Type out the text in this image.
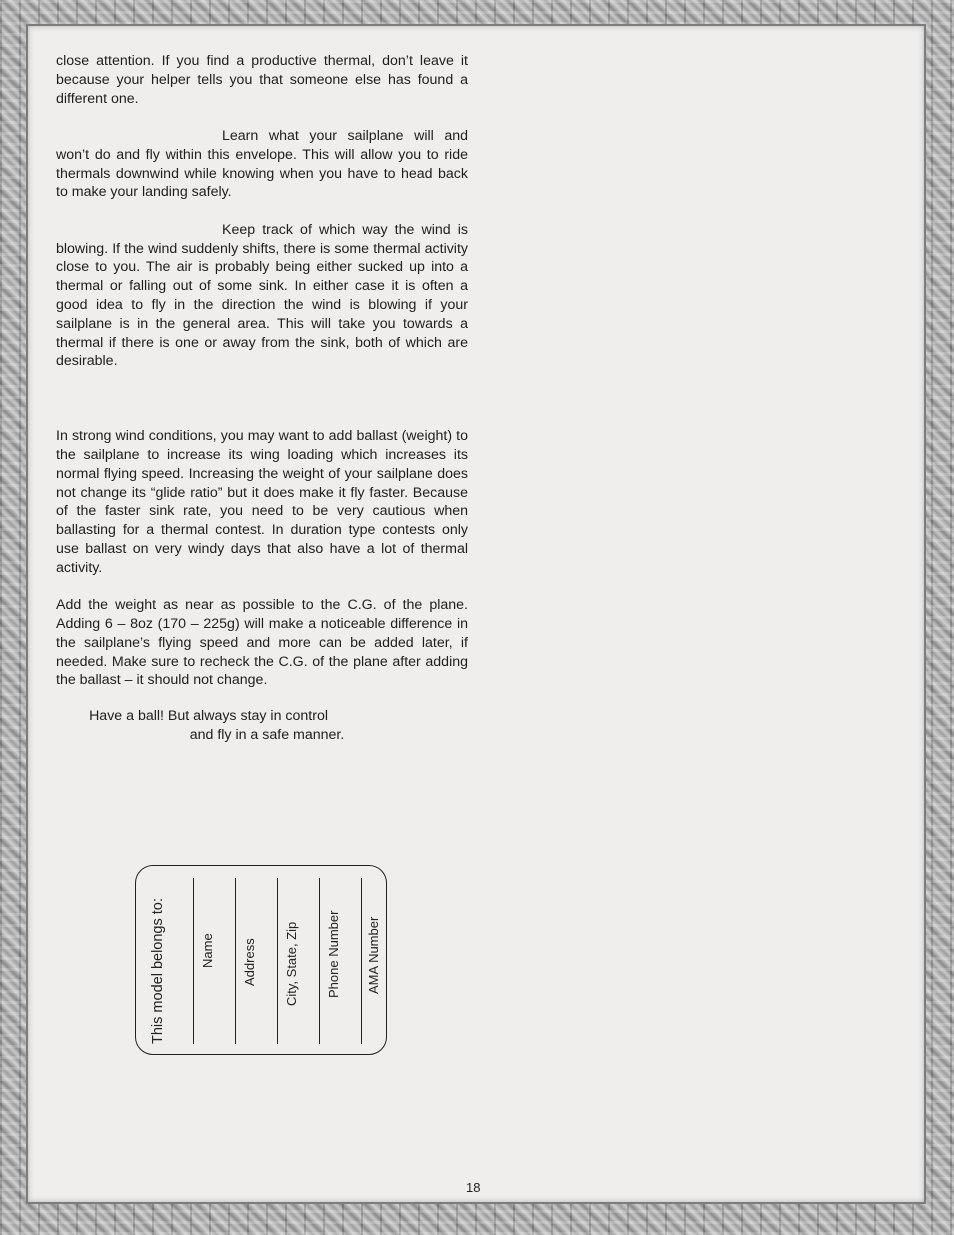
close attention. If you find a productive thermal, don’t leave it because your helper tells you that someone else has found a different one.

Learn what your sailplane will and won’t do and fly within this envelope. This will allow you to ride thermals downwind while knowing when you have to head back to make your landing safely.

Keep track of which way the wind is blowing. If the wind suddenly shifts, there is some thermal activity close to you. The air is probably being either sucked up into a thermal or falling out of some sink. In either case it is often a good idea to fly in the direction the wind is blowing if your sailplane is in the general area. This will take you towards a thermal if there is one or away from the sink, both of which are desirable.

In strong wind conditions, you may want to add ballast (weight) to the sailplane to increase its wing loading which increases its normal flying speed. Increasing the weight of your sailplane does not change its “glide ratio” but it does make it fly faster. Because of the faster sink rate, you need to be very cautious when ballasting for a thermal contest. In duration type contests only use ballast on very windy days that also have a lot of thermal activity.

Add the weight as near as possible to the C.G. of the plane. Adding 6 – 8oz (170 – 225g) will make a noticeable difference in the sailplane’s flying speed and more can be added later, if needed. Make sure to recheck the C.G. of the plane after adding the ballast – it should not change.

Have a ball! But always stay in control
and fly in a safe manner.
This model belongs to:	Name Address City, State, Zip Phone Number AMA Number
18
